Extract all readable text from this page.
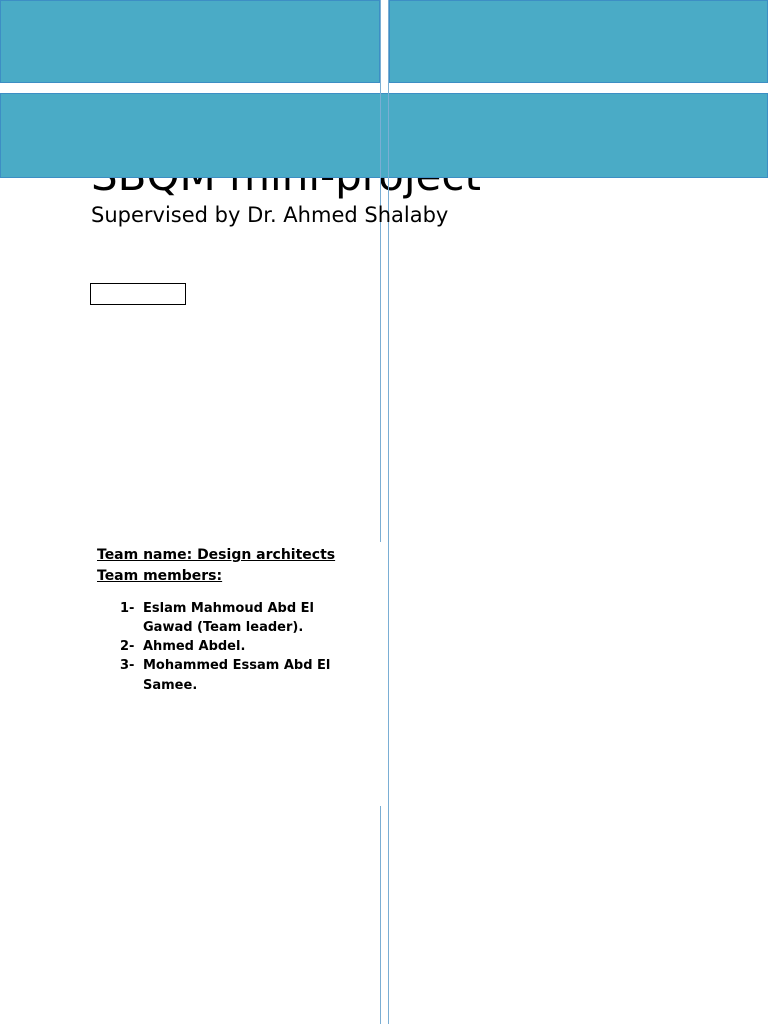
Supervised by Dr. Ahmed Shalaby

Team name: Design architects
Team members:
1- Eslam Mahmoud Abd El Gawad (Team leader).
2- Ahmed Abdel.
3- Mohammed Essam Abd El Samee.
